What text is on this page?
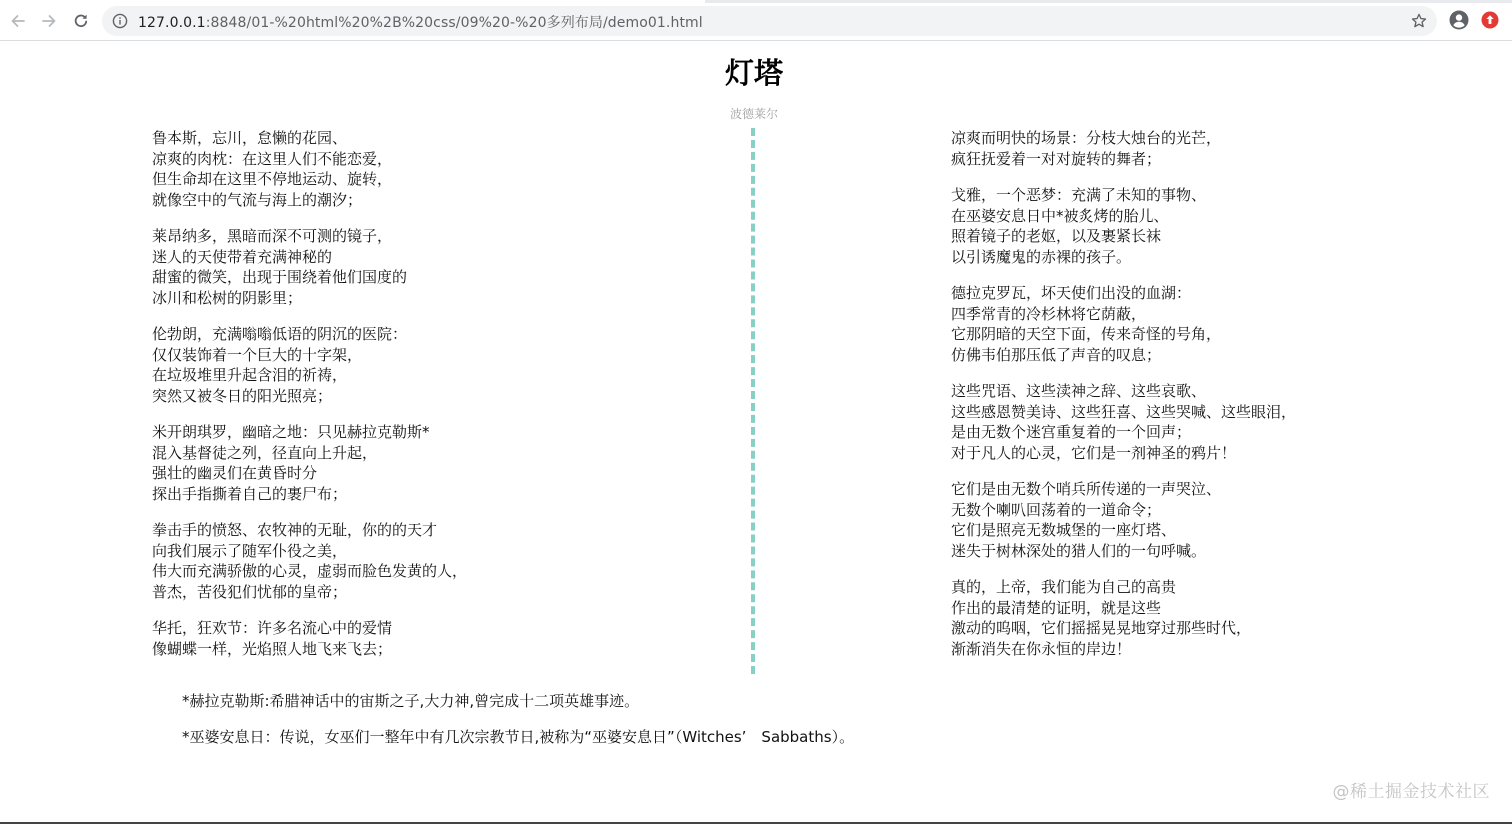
127.0.0.1:8848/01-%20html%20%2B%20css/09%20-%20多列布局/demo01.html
灯塔
波德莱尔
鲁本斯，忘川，怠懒的花园、
凉爽的肉枕：在这里人们不能恋爱，
但生命却在这里不停地运动、旋转，
就像空中的气流与海上的潮汐；
莱昂纳多，黑暗而深不可测的镜子，
迷人的天使带着充满神秘的
甜蜜的微笑，出现于围绕着他们国度的
冰川和松树的阴影里；
伦勃朗，充满嗡嗡低语的阴沉的医院：
仅仅装饰着一个巨大的十字架，
在垃圾堆里升起含泪的祈祷，
突然又被冬日的阳光照亮；
米开朗琪罗，幽暗之地：只见赫拉克勒斯*
混入基督徒之列，径直向上升起，
强壮的幽灵们在黄昏时分
探出手指撕着自己的裹尸布；
拳击手的愤怒、农牧神的无耻，你的的天才
向我们展示了随军仆役之美，
伟大而充满骄傲的心灵，虚弱而脸色发黄的人，
普杰，苦役犯们忧郁的皇帝；
华托，狂欢节：许多名流心中的爱情
像蝴蝶一样，光焰照人地飞来飞去；
凉爽而明快的场景：分枝大烛台的光芒，
疯狂抚爱着一对对旋转的舞者；
戈雅，一个恶梦：充满了未知的事物、
在巫婆安息日中*被炙烤的胎儿、
照着镜子的老妪，以及裹紧长袜
以引诱魔鬼的赤裸的孩子。
德拉克罗瓦，坏天使们出没的血湖：
四季常青的冷杉林将它荫蔽，
它那阴暗的天空下面，传来奇怪的号角，
仿佛韦伯那压低了声音的叹息；
这些咒语、这些渎神之辞、这些哀歌、
这些感恩赞美诗、这些狂喜、这些哭喊、这些眼泪，
是由无数个迷宫重复着的一个回声；
对于凡人的心灵，它们是一剂神圣的鸦片！
它们是由无数个哨兵所传递的一声哭泣、
无数个喇叭回荡着的一道命令；
它们是照亮无数城堡的一座灯塔、
迷失于树林深处的猎人们的一句呼喊。
真的，上帝，我们能为自己的高贵
作出的最清楚的证明，就是这些
激动的呜咽，它们摇摇晃晃地穿过那些时代，
渐渐消失在你永恒的岸边！
*赫拉克勒斯:希腊神话中的宙斯之子,大力神,曾完成十二项英雄事迹。
*巫婆安息日：传说，女巫们一整年中有几次宗教节日,被称为“巫婆安息日”（Witches’　Sabbaths）。
@稀土掘金技术社区
